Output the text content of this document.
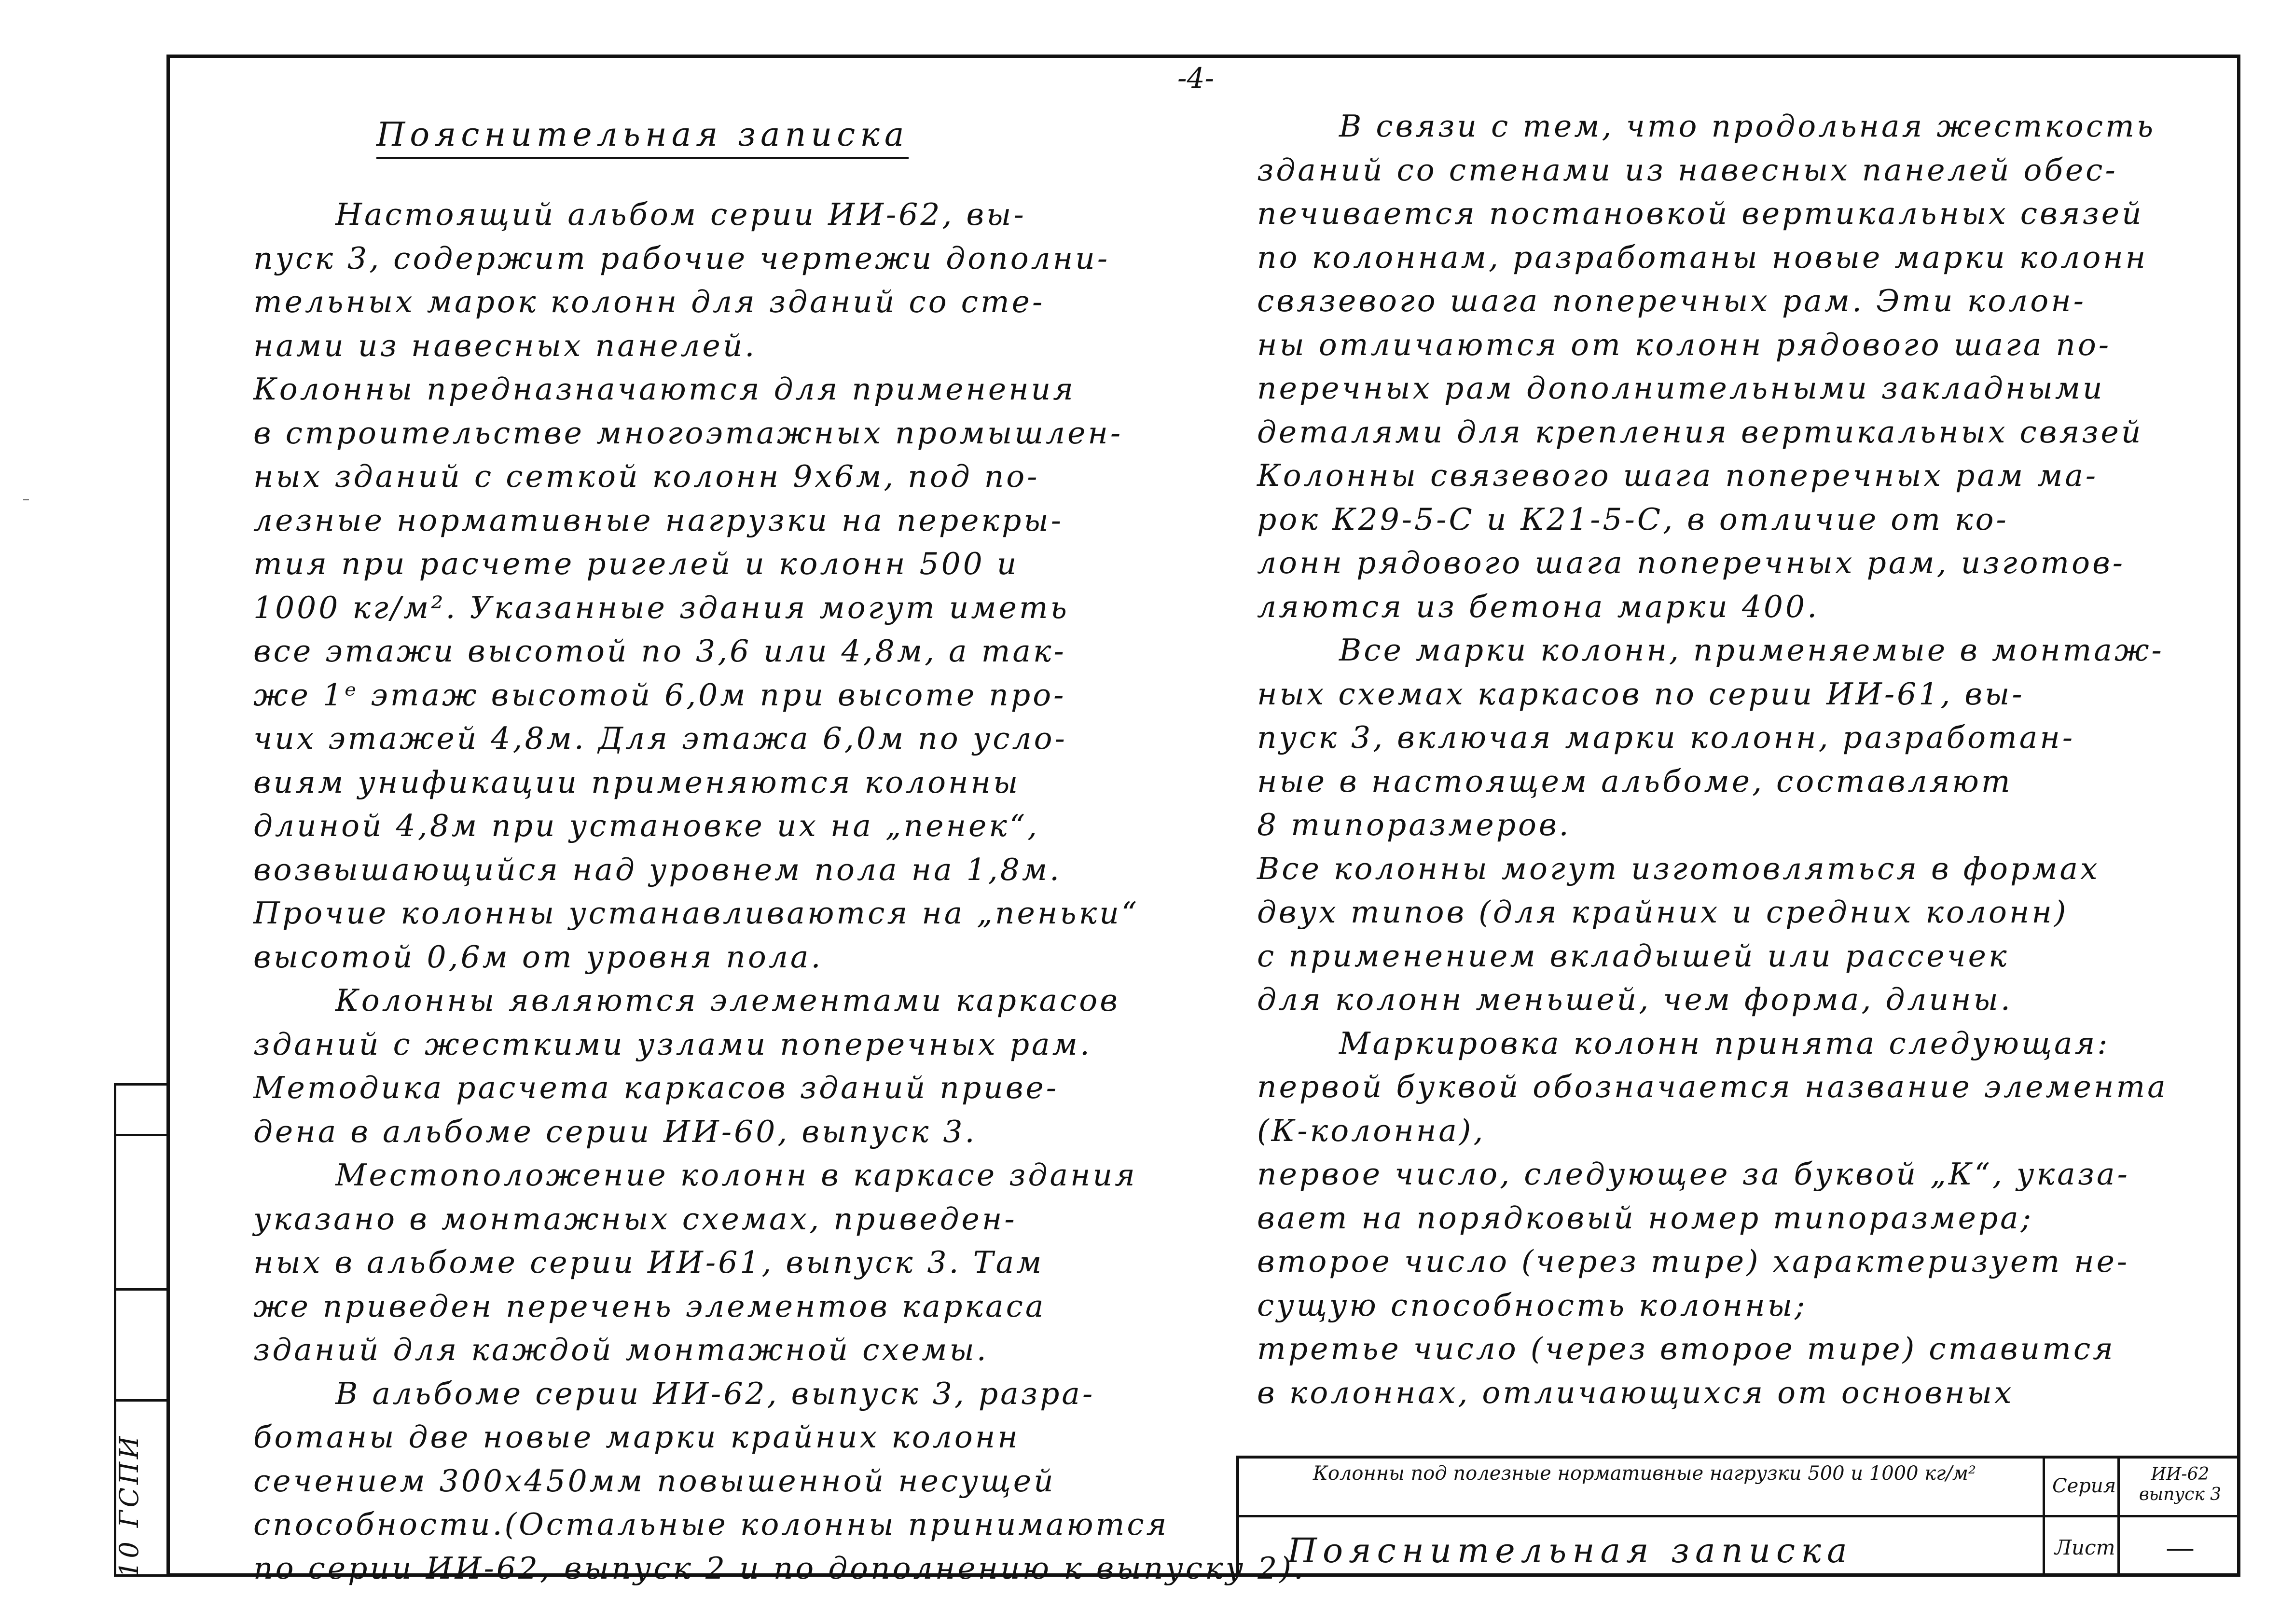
-4-
Пояснительная записка
Настоящий альбом серии ИИ-62, вы-
пуск 3, содержит рабочие чертежи дополни-
тельных марок колонн для зданий со сте-
нами из навесных панелей.
Колонны предназначаются для применения
в строительстве многоэтажных промышлен-
ных зданий с сеткой колонн 9х6м, под по-
лезные нормативные нагрузки на перекры-
тия при расчете ригелей и колонн 500 и
1000 кг/м². Указанные здания могут иметь
все этажи высотой по 3,6 или 4,8м, а так-
же 1ᵉ этаж высотой 6,0м при высоте про-
чих этажей 4,8м. Для этажа 6,0м по усло-
виям унификации применяются колонны
длиной 4,8м при установке их на „пенек“,
возвышающийся над уровнем пола на 1,8м.
Прочие колонны устанавливаются на „пеньки“
высотой 0,6м от уровня пола.
Колонны являются элементами каркасов
зданий с жесткими узлами поперечных рам.
Методика расчета каркасов зданий приве-
дена в альбоме серии ИИ-60, выпуск 3.
Местоположение колонн в каркасе здания
указано в монтажных схемах, приведен-
ных в альбоме серии ИИ-61, выпуск 3. Там
же приведен перечень элементов каркаса
зданий для каждой монтажной схемы.
В альбоме серии ИИ-62, выпуск 3, разра-
ботаны две новые марки крайних колонн
сечением 300х450мм повышенной несущей
способности.(Остальные колонны принимаются
по серии ИИ-62, выпуск 2 и по дополнению к выпуску 2).
В связи с тем, что продольная жесткость
зданий со стенами из навесных панелей обес-
печивается постановкой вертикальных связей
по колоннам, разработаны новые марки колонн
связевого шага поперечных рам. Эти колон-
ны отличаются от колонн рядового шага по-
перечных рам дополнительными закладными
деталями для крепления вертикальных связей
Колонны связевого шага поперечных рам ма-
рок К29-5-С и К21-5-С, в отличие от ко-
лонн рядового шага поперечных рам, изготов-
ляются из бетона марки 400.
Все марки колонн, применяемые в монтаж-
ных схемах каркасов по серии ИИ-61, вы-
пуск 3, включая марки колонн, разработан-
ные в настоящем альбоме, составляют
8 типоразмеров.
Все колонны могут изготовляться в формах
двух типов (для крайних и средних колонн)
с применением вкладышей или рассечек
для колонн меньшей, чем форма, длины.
Маркировка колонн принята следующая:
первой буквой обозначается название элемента
(К-колонна),
первое число, следующее за буквой „К“, указа-
вает на порядковый номер типоразмера;
второе число (через тире) характеризует не-
сущую способность колонны;
третье число (через второе тире) ставится
в колоннах, отличающихся от основных
Колонны под полезные нормативные нагрузки 500 и 1000 кг/м²
Серия
ИИ-62 выпуск 3
Пояснительная записка	Лист —
10 ГСПИ
